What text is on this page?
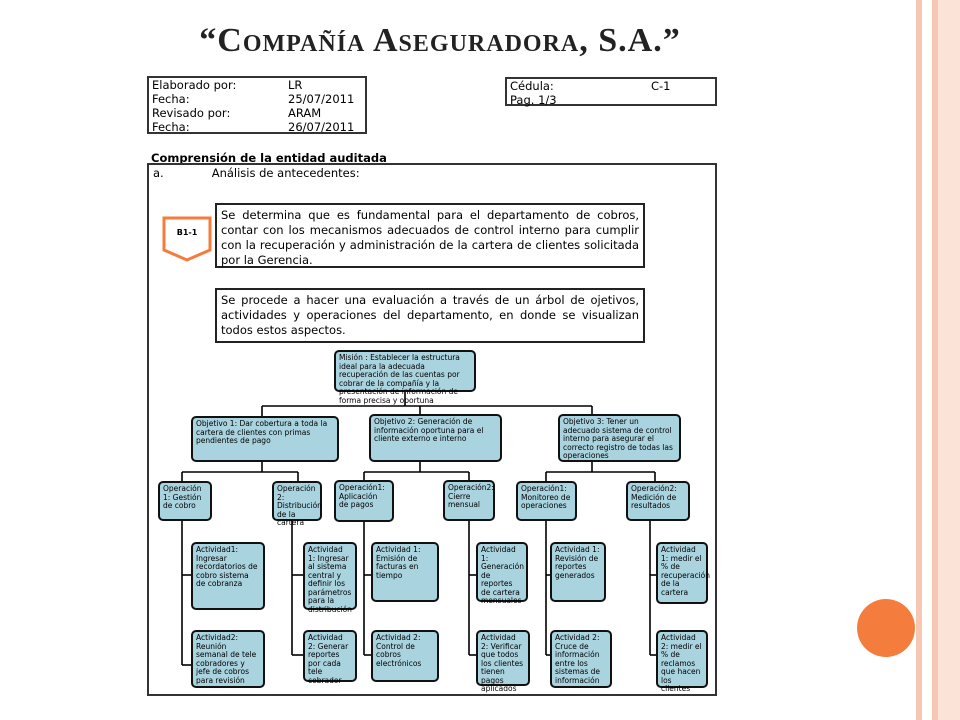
“Compañía Aseguradora, S.A.”
Elaborado por:	LR
Fecha:	25/07/2011
Revisado por:	ARAM
Fecha:	26/07/2011
Cédula:	C-1
Pag. 1/3
Comprensión de la entidad auditada
a.	Análisis de antecedentes:
B1-1
Se determina que es fundamental para el departamento de cobros, contar con los mecanismos adecuados de control interno para cumplir con la recuperación y administración de la cartera de clientes solicitada por la Gerencia.
Se procede a hacer una evaluación a través de un árbol de ojetivos, actividades y operaciones del departamento, en donde se visualizan todos estos aspectos.
Misión : Establecer la estructura ideal para la adecuada recuperación de las cuentas por cobrar de la compañía y la presentación de información de forma precisa y oportuna
Objetivo 1: Dar cobertura a toda la cartera de clientes con primas pendientes de pago
Objetivo 2: Generación de información oportuna para el cliente externo e interno
Objetivo 3: Tener un adecuado sistema de control interno para asegurar el correcto registro de todas las operaciones
Operación 1: Gestión de cobro
Operación 2: Distribución de la cartera
Operación1: Aplicación de pagos
Operación2: Cierre mensual
Operación1: Monitoreo de operaciones
Operación2: Medición de resultados
Actividad1: Ingresar recordatorios de cobro sistema de cobranza
Actividad2: Reunión semanal de tele cobradores y jefe de cobros para revisión
Actividad 1: Ingresar al sistema central y definir los parámetros para la distribución
Actividad 2: Generar reportes por cada tele cobrador
Actividad 1: Emisión de facturas en tiempo
Actividad 2: Control de cobros electrónicos
Actividad 1: Generación de reportes de cartera mensuales
Actividad 2: Verificar que todos los clientes tienen pagos aplicados
Actividad 1: Revisión de reportes generados
Actividad 2: Cruce de información entre los sistemas de información
Actividad 1: medir el % de recuperación de la cartera
Actividad 2: medir el % de reclamos que hacen los clientes
